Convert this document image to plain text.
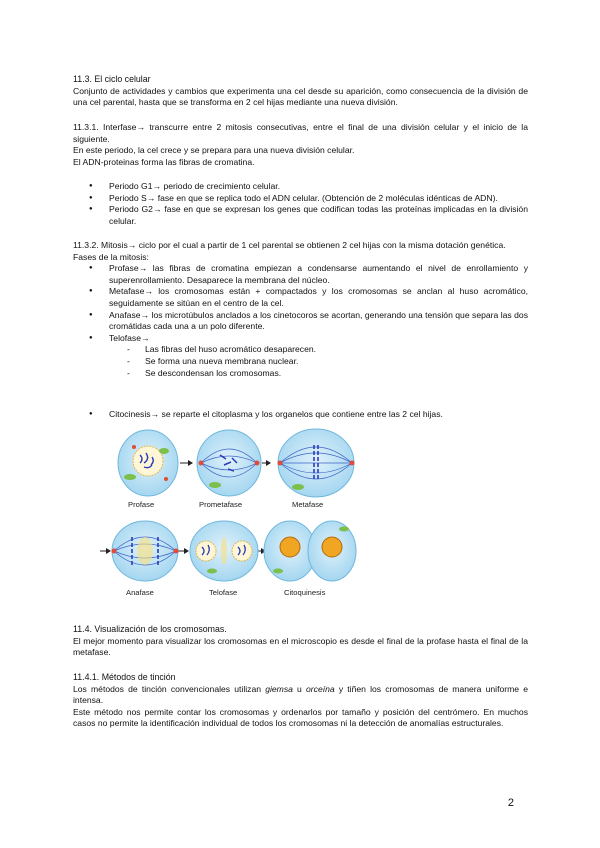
11.3. El ciclo celular

Conjunto de actividades y cambios que experimenta una cel desde su aparición, como consecuencia de la división de una cel parental, hasta que se transforma en 2 cel hijas mediante una nueva división.

11.3.1. Interfase→ transcurre entre 2 mitosis consecutivas, entre el final de una división celular y el inicio de la siguiente.

En este periodo, la cel crece y se prepara para una nueva división celular.

El ADN-proteinas forma las fibras de cromatina.

● Periodo G1→ periodo de crecimiento celular.
● Periodo S→ fase en que se replica todo el ADN celular. (Obtención de 2 moléculas idénticas de ADN).
● Periodo G2→ fase en que se expresan los genes que codifican todas las proteínas implicadas en la división celular.

11.3.2. Mitosis→ ciclo por el cual a partir de 1 cel parental se obtienen 2 cel hijas con la misma dotación genética.

Fases de la mitosis:

● Profase→ las fibras de cromatina empiezan a condensarse aumentando el nivel de enrollamiento y superenrollamiento. Desaparece la membrana del núcleo.
● Metafase→ los cromosomas están + compactados y los cromosomas se anclan al huso acromático, seguidamente se sitúan en el centro de la cel.
● Anafase→ los microtúbulos anclados a los cinetocoros se acortan, generando una tensión que separa las dos cromátidas cada una a un polo diferente.
● Telofase→
- Las fibras del huso acromático desaparecen.
- Se forma una nueva membrana nuclear.
- Se descondensan los cromosomas.
● Citocinesis→ se reparte el citoplasma y los organelos que contiene entre las 2 cel hijas.
Profase	Prometafase	Metafase
Anafase	Telofase	Citoquinesis

11.4. Visualización de los cromosomas.

El mejor momento para visualizar los cromosomas en el microscopio es desde el final de la profase hasta el final de la metafase.

11.4.1. Métodos de tinción

Los métodos de tinción convencionales utilizan giemsa u orceína y tiñen los cromosomas de manera uniforme e intensa.

Este método nos permite contar los cromosomas y ordenarlos por tamaño y posición del centrómero. En muchos casos no permite la identificación individual de todos los cromosomas ni la detección de anomalías estructurales.

2
